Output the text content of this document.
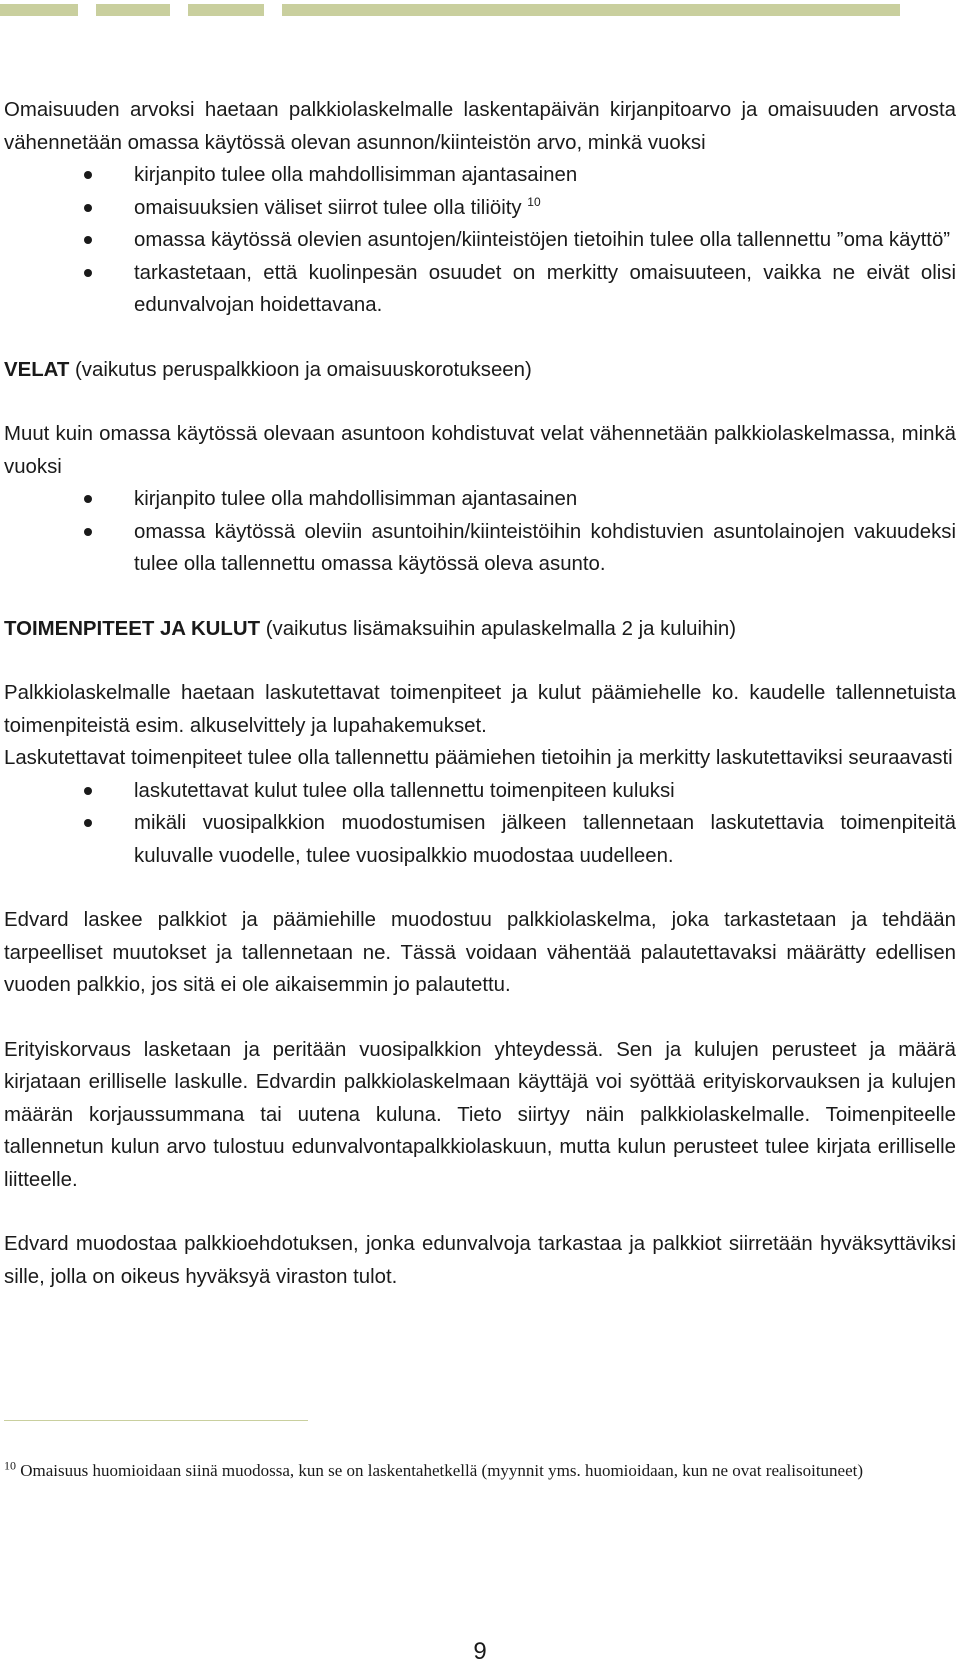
Omaisuuden arvoksi haetaan palkkiolaskelmalle laskentapäivän kirjanpitoarvo ja omaisuuden arvosta vähennetään omassa käytössä olevan asunnon/kiinteistön arvo, minkä vuoksi

kirjanpito tulee olla mahdollisimman ajantasainen
omaisuuksien väliset siirrot tulee olla tiliöity $^{10}$
omassa käytössä olevien asuntojen/kiinteistöjen tietoihin tulee olla tallennettu ”oma käyttö”
tarkastetaan, että kuolinpesän osuudet on merkitty omaisuuteen, vaikka ne eivät olisi edunvalvojan hoidettavana.

VELAT (vaikutus peruspalkkioon ja omaisuuskorotukseen)

Muut kuin omassa käytössä olevaan asuntoon kohdistuvat velat vähennetään palkkiolaskelmassa, minkä vuoksi

kirjanpito tulee olla mahdollisimman ajantasainen
omassa käytössä oleviin asuntoihin/kiinteistöihin kohdistuvien asuntolainojen vakuudeksi tulee olla tallennettu omassa käytössä oleva asunto.

TOIMENPITEET JA KULUT (vaikutus lisämaksuihin apulaskelmalla 2 ja kuluihin)

Palkkiolaskelmalle haetaan laskutettavat toimenpiteet ja kulut päämiehelle ko. kaudelle tallennetuista toimenpiteistä esim. alkuselvittely ja lupahakemukset.

Laskutettavat toimenpiteet tulee olla tallennettu päämiehen tietoihin ja merkitty laskutettaviksi seuraavasti

laskutettavat kulut tulee olla tallennettu toimenpiteen kuluksi
mikäli vuosipalkkion muodostumisen jälkeen tallennetaan laskutettavia toimenpiteitä kuluvalle vuodelle, tulee vuosipalkkio muodostaa uudelleen.

Edvard laskee palkkiot ja päämiehille muodostuu palkkiolaskelma, joka tarkastetaan ja tehdään tarpeelliset muutokset ja tallennetaan ne. Tässä voidaan vähentää palautettavaksi määrätty edellisen vuoden palkkio, jos sitä ei ole aikaisemmin jo palautettu.

Erityiskorvaus lasketaan ja peritään vuosipalkkion yhteydessä. Sen ja kulujen perusteet ja määrä kirjataan erilliselle laskulle. Edvardin palkkiolaskelmaan käyttäjä voi syöttää erityiskorvauksen ja kulujen määrän korjaussummana tai uutena kuluna. Tieto siirtyy näin palkkiolaskelmalle. Toimenpiteelle tallennetun kulun arvo tulostuu edunvalvontapalkkiolaskuun, mutta kulun perusteet tulee kirjata erilliselle liitteelle.

Edvard muodostaa palkkioehdotuksen, jonka edunvalvoja tarkastaa ja palkkiot siirretään hyväksyttäviksi sille, jolla on oikeus hyväksyä viraston tulot.

$^{10}$ Omaisuus huomioidaan siinä muodossa, kun se on laskentahetkellä (myynnit yms. huomioidaan, kun ne ovat realisoituneet)
9
